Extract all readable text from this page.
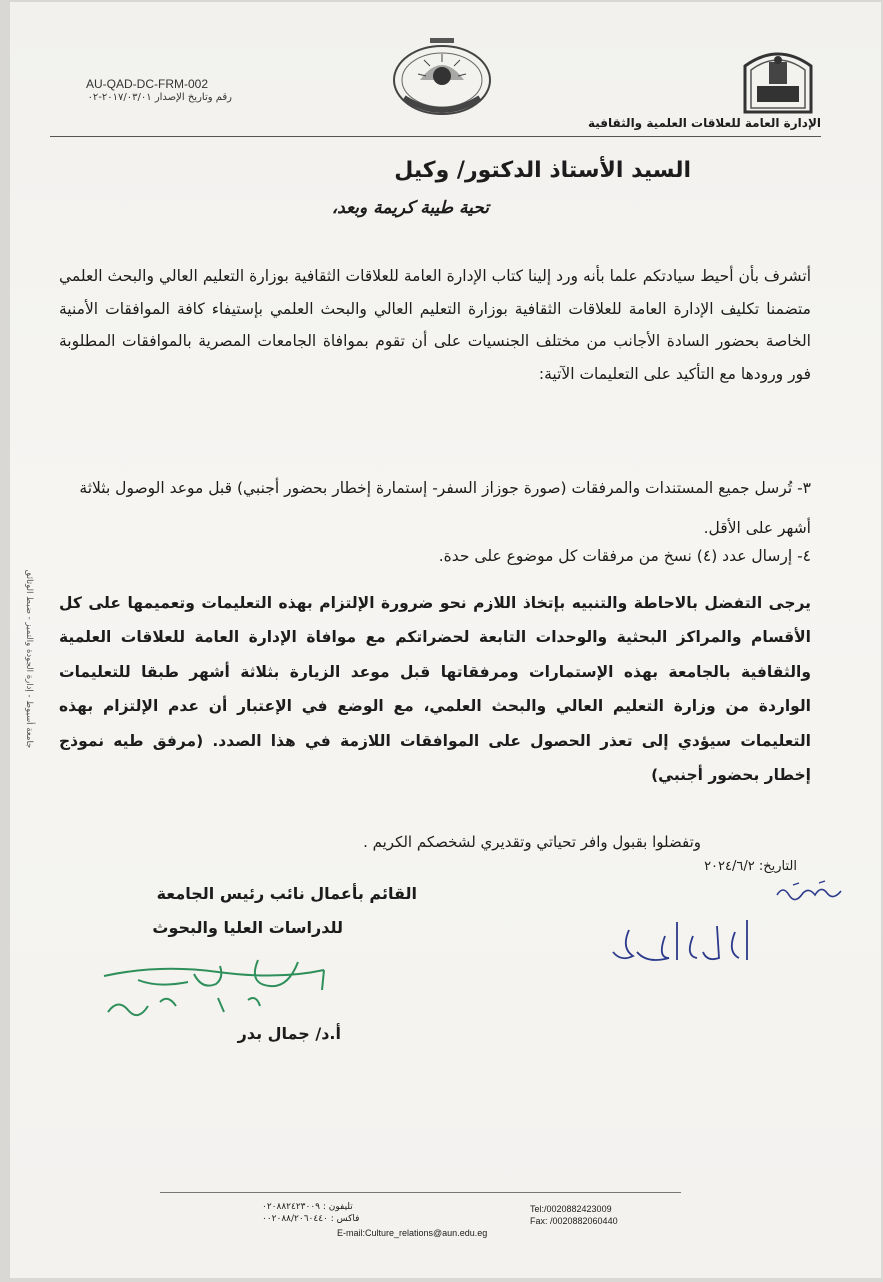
AU-QAD-DC-FRM-002
رقم وتاريخ الإصدار ٢٠١٧/٠٣/٠١-٠٢
الإدارة العامة للعلاقات العلمية والثقافية
السيد الأستاذ الدكتور/ وكيل
تحية طيبة كريمة وبعد،
أتشرف بأن أحيط سيادتكم علما بأنه ورد إلينا كتاب الإدارة العامة للعلاقات الثقافية بوزارة التعليم العالي والبحث العلمي متضمنا تكليف الإدارة العامة للعلاقات الثقافية بوزارة التعليم العالي والبحث العلمي بإستيفاء كافة الموافقات الأمنية الخاصة بحضور السادة الأجانب من مختلف الجنسيات على أن تقوم بموافاة الجامعات المصرية بالموافقات المطلوبة فور ورودها مع التأكيد على التعليمات الآتية:
٣- تُرسل جميع المستندات والمرفقات (صورة جوزاز السفر- إستمارة إخطار بحضور أجنبي) قبل موعد الوصول بثلاثة أشهر على الأقل.
٤- إرسال عدد (٤) نسخ من مرفقات كل موضوع على حدة.
يرجى التفضل بالاحاطة والتنبيه بإتخاذ اللازم نحو ضرورة الإلتزام بهذه التعليمات وتعميمها على كل الأقسام والمراكز البحثية والوحدات التابعة لحضراتكم مع موافاة الإدارة العامة للعلاقات العلمية والثقافية بالجامعة بهذه الإستمارات ومرفقاتها قبل موعد الزيارة بثلاثة أشهر طبقا للتعليمات الواردة من وزارة التعليم العالي والبحث العلمي، مع الوضع في الإعتبار أن عدم الإلتزام بهذه التعليمات سيؤدي إلى تعذر الحصول على الموافقات اللازمة في هذا الصدد. (مرفق طيه نموذج إخطار بحضور أجنبي)
وتفضلوا بقبول وافر تحياتي وتقديري لشخصكم الكريم .
التاريخ: ٢٠٢٤/٦/٢
القائم بأعمال نائب رئيس الجامعة
للدراسات العليا والبحوث
أ.د/ جمال بدر
جامعة أسيوط - إدارة الجودة والتميز - ضبط الوثائق
Tel:/0020882423009
Fax: /0020882060440
تليفون : ٠٢٠٨٨٢٤٢٣٠٠٩
فاكس : ٠٠٢٠٨٨/٢٠٦٠٤٤٠
E-mail:Culture_relations@aun.edu.eg
